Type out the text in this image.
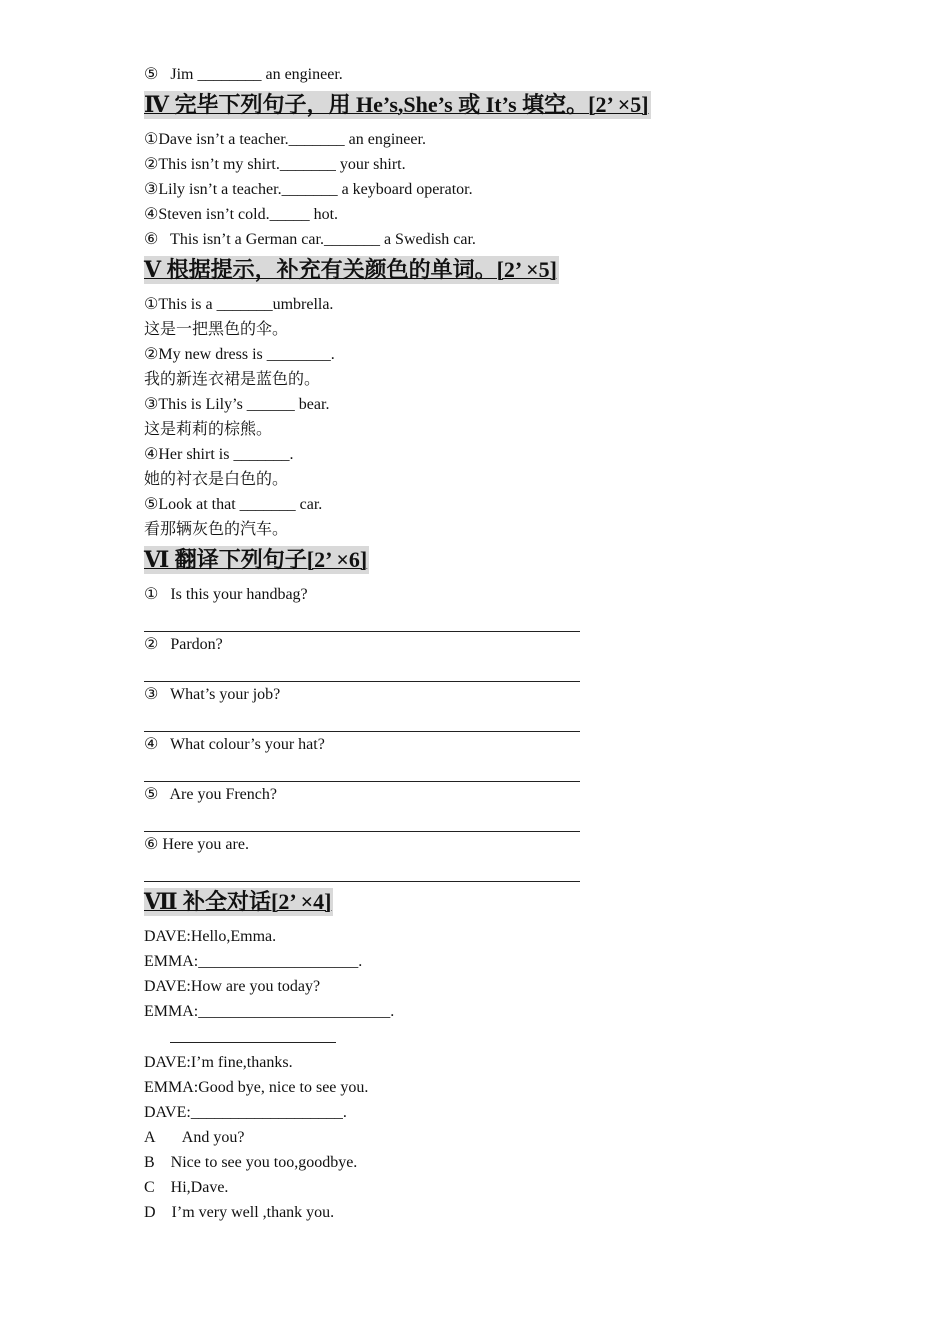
⑤   Jim ________ an engineer.
Ⅳ 完毕下列句子，用 He’s,She’s 或 It’s 填空。[2’ ×5]
①Dave isn’t a teacher._______ an engineer.
②This isn’t my shirt._______ your shirt.
③Lily isn’t a teacher._______ a keyboard operator.
④Steven isn’t cold._____ hot.
⑥   This isn’t a German car._______ a Swedish car.
Ⅴ 根据提示，补充有关颜色的单词。[2’ ×5]
①This is a _______umbrella.
这是一把黑色的伞。
②My new dress is ________.
我的新连衣裙是蓝色的。
③This is Lily’s ______ bear.
这是莉莉的棕熊。
④Her shirt is _______.
她的衬衣是白色的。
⑤Look at that _______ car.
看那辆灰色的汽车。
Ⅵ 翻译下列句子[2’ ×6]
①   Is this your handbag?
②   Pardon?
③   What’s your job?
④   What colour’s your hat?
⑤   Are you French?
⑥ Here you are.
Ⅶ 补全对话[2’ ×4]
DAVE:Hello,Emma.
EMMA:____________________.
DAVE:How are you today?
EMMA:________________________.
DAVE:I’m fine,thanks.
EMMA:Good bye, nice to see you.
DAVE:___________________.
A       And you?
B    Nice to see you too,goodbye.
C    Hi,Dave.
D    I’m very well ,thank you.
